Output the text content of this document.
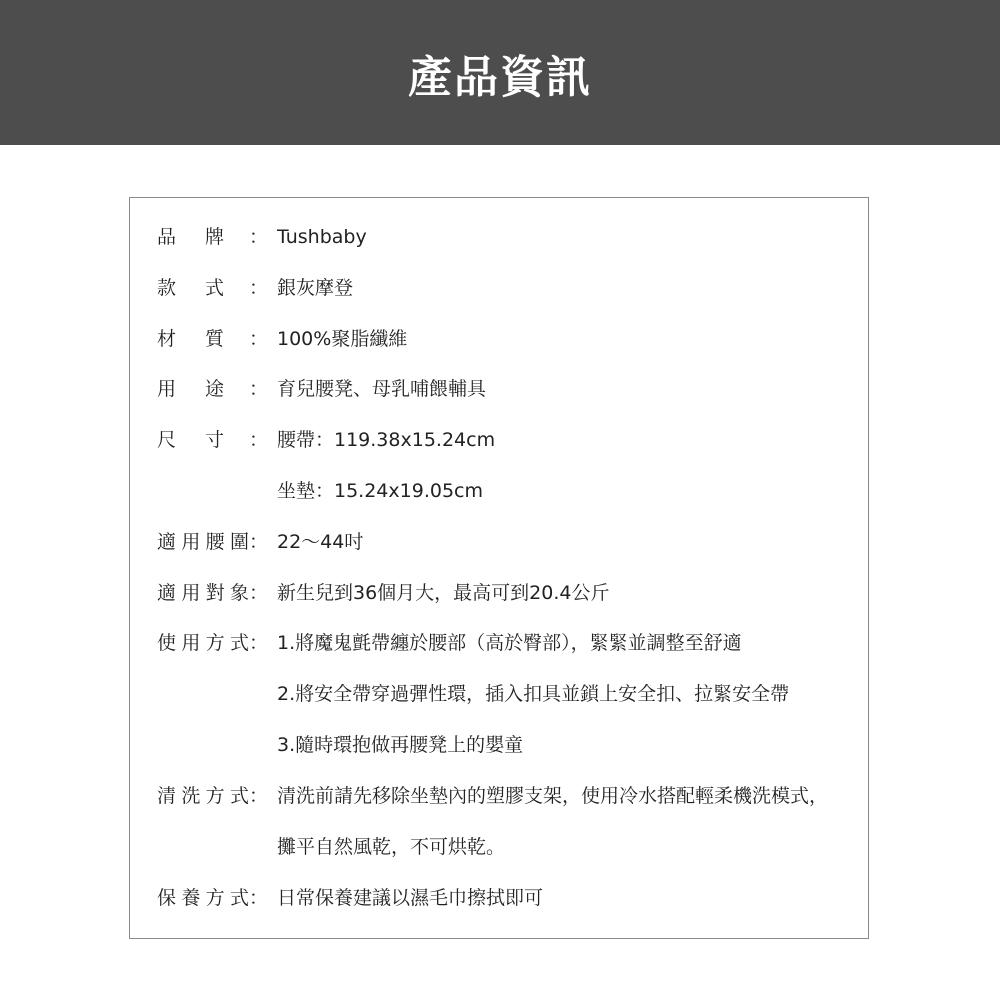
產品資訊
品 牌 ： Tushbaby
款 式 ： 銀灰摩登
材 質 ： 100%聚脂纖維
用 途 ： 育兒腰凳、母乳哺餵輔具
尺 寸 ： 腰帶：119.38x15.24cm
坐墊：15.24x19.05cm
適 用 腰 圍 ： 22～44吋
適 用 對 象 ： 新生兒到36個月大，最高可到20.4公斤
使 用 方 式 ： 1.將魔鬼氈帶纏於腰部（高於臀部），緊緊並調整至舒適
2.將安全帶穿過彈性環，插入扣具並鎖上安全扣、拉緊安全帶
3.隨時環抱做再腰凳上的嬰童
清 洗 方 式 ： 清洗前請先移除坐墊內的塑膠支架，使用冷水搭配輕柔機洗模式，
攤平自然風乾，不可烘乾。
保 養 方 式 ： 日常保養建議以濕毛巾擦拭即可
